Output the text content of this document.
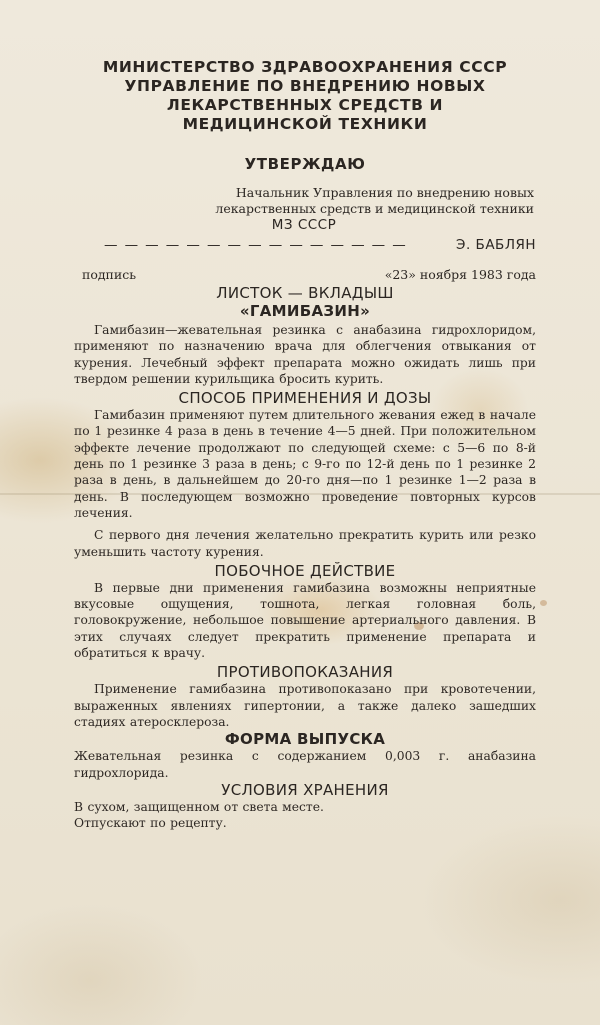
МИНИСТЕРСТВО ЗДРАВООХРАНЕНИЯ СССР
УПРАВЛЕНИЕ ПО ВНЕДРЕНИЮ НОВЫХ
ЛЕКАРСТВЕННЫХ СРЕДСТВ И
МЕДИЦИНСКОЙ ТЕХНИКИ
УТВЕРЖДАЮ
Начальник Управления по внедрению новых
лекарственных средств и медицинской техники
МЗ СССР
— — — — — — — — — — — — — — —	Э. БАБЛЯН
подпись	«23» ноября 1983 года
ЛИСТОК — ВКЛАДЫШ
«ГАМИБАЗИН»

Гамибазин—жевательная резинка с анабазина гидрохлоридом, применяют по назначению врача для облегчения отвыкания от курения. Лечебный эффект препарата можно ожидать лишь при твердом решении курильщика бросить курить.

СПОСОБ ПРИМЕНЕНИЯ И ДОЗЫ

Гамибазин применяют путем длительного жевания ежед в начале по 1 резинке 4 раза в день в течение 4—5 дней. При положительном эффекте лечение продолжают по следующей схеме: с 5—6 по 8-й день по 1 резинке 3 раза в день; с 9-го по 12-й день по 1 резинке 2 раза в день, в дальнейшем до 20-го дня—по 1 резинке 1—2 раза в день. В последующем возможно проведение повторных курсов лечения.

С первого дня лечения желательно прекратить курить или резко уменьшить частоту курения.

ПОБОЧНОЕ ДЕЙСТВИЕ

В первые дни применения гамибазина возможны неприятные вкусовые ощущения, тошнота, легкая головная боль, головокружение, небольшое повышение артериального давления. В этих случаях следует прекратить применение препарата и обратиться к врачу.

ПРОТИВОПОКАЗАНИЯ

Применение гамибазина противопоказано при кровотечении, выраженных явлениях гипертонии, а также далеко зашедших стадиях атеросклероза.

ФОРМА ВЫПУСКА

Жевательная резинка с содержанием 0,003 г. анабазина гидрохлорида.

УСЛОВИЯ ХРАНЕНИЯ

В сухом, защищенном от света месте.

Отпускают по рецепту.
